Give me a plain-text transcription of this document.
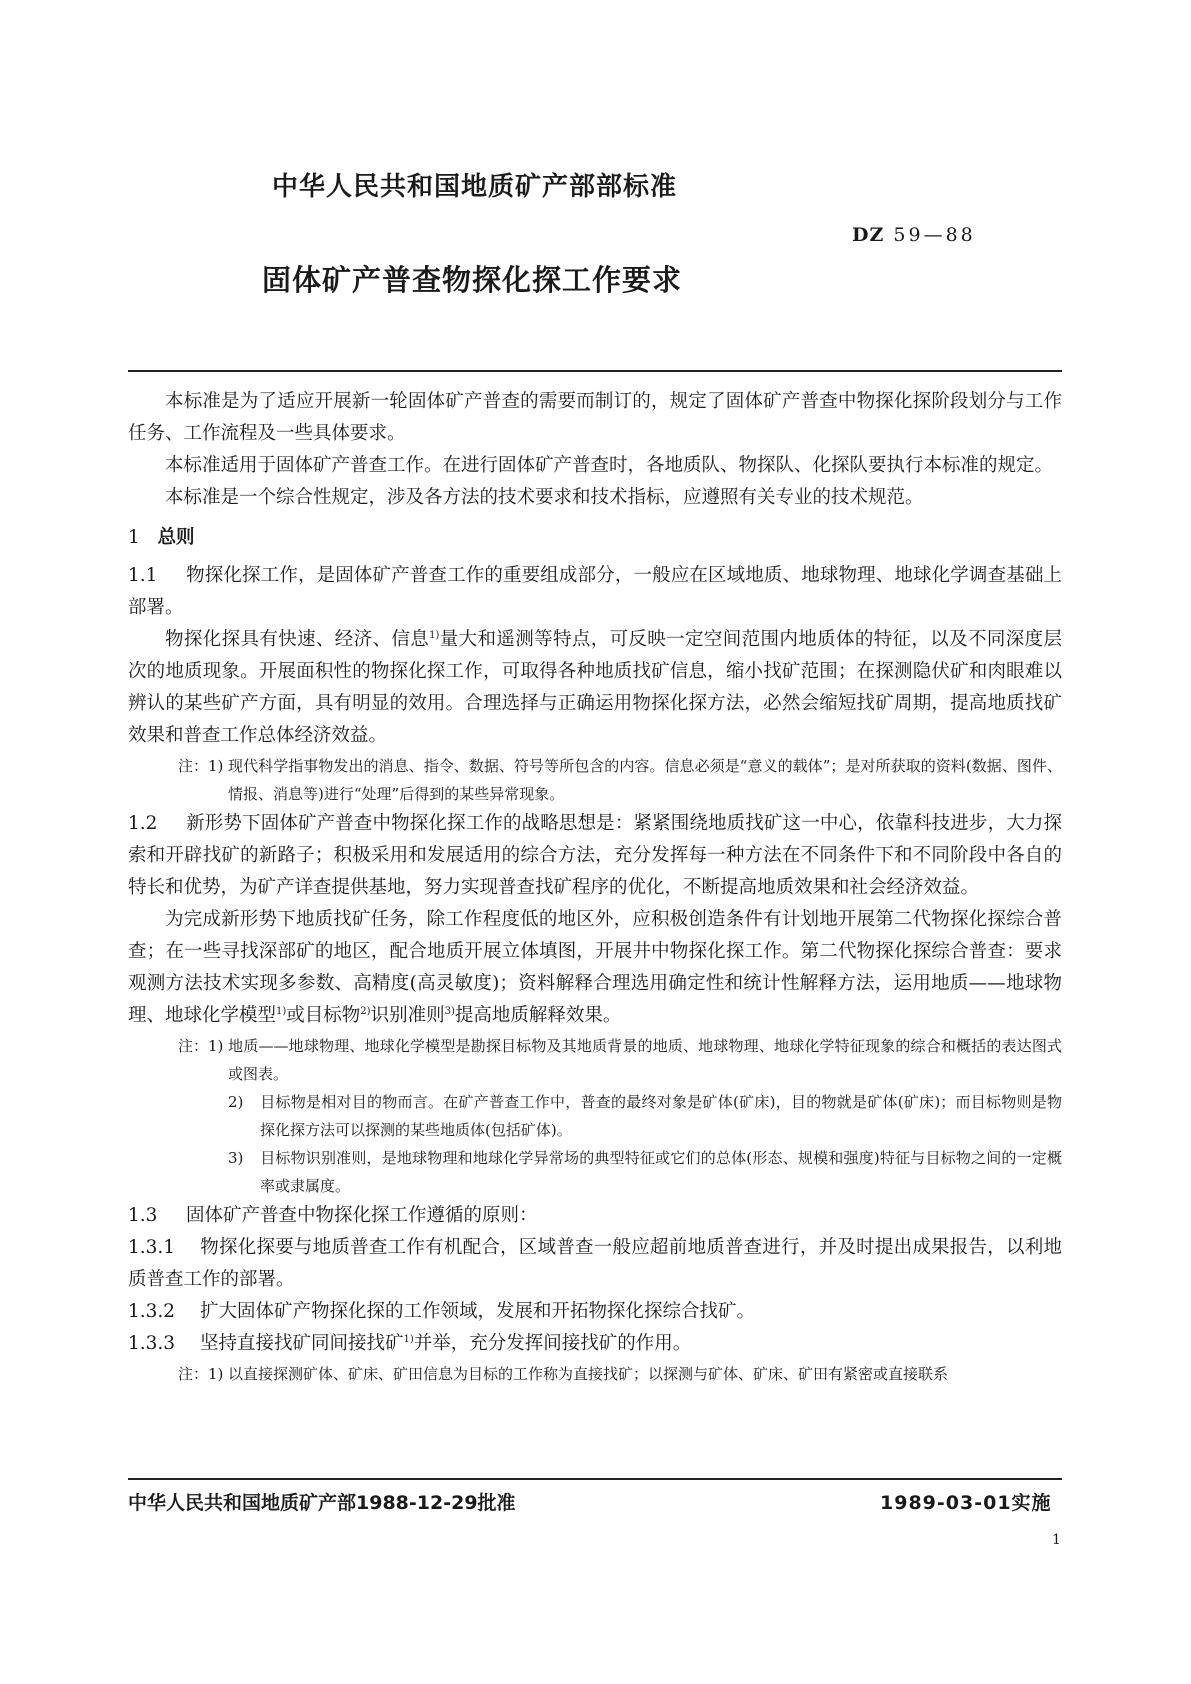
中华人民共和国地质矿产部部标准
DZ 59—88
固体矿产普查物探化探工作要求

本标准是为了适应开展新一轮固体矿产普查的需要而制订的，规定了固体矿产普查中物探化探阶段划分与工作任务、工作流程及一些具体要求。

本标准适用于固体矿产普查工作。在进行固体矿产普查时，各地质队、物探队、化探队要执行本标准的规定。

本标准是一个综合性规定，涉及各方法的技术要求和技术指标，应遵照有关专业的技术规范。

1 总则

1.1 物探化探工作，是固体矿产普查工作的重要组成部分，一般应在区域地质、地球物理、地球化学调查基础上部署。

物探化探具有快速、经济、信息$^{1)}$量大和遥测等特点，可反映一定空间范围内地质体的特征，以及不同深度层次的地质现象。开展面积性的物探化探工作，可取得各种地质找矿信息，缩小找矿范围；在探测隐伏矿和肉眼难以辨认的某些矿产方面，具有明显的效用。合理选择与正确运用物探化探方法，必然会缩短找矿周期，提高地质找矿效果和普查工作总体经济效益。

注：1) 现代科学指事物发出的消息、指令、数据、符号等所包含的内容。信息必须是“意义的载体”；是对所获取的资料(数据、图件、情报、消息等)进行“处理”后得到的某些异常现象。

1.2 新形势下固体矿产普查中物探化探工作的战略思想是：紧紧围绕地质找矿这一中心，依靠科技进步，大力探索和开辟找矿的新路子；积极采用和发展适用的综合方法，充分发挥每一种方法在不同条件下和不同阶段中各自的特长和优势，为矿产详查提供基地，努力实现普查找矿程序的优化，不断提高地质效果和社会经济效益。

为完成新形势下地质找矿任务，除工作程度低的地区外，应积极创造条件有计划地开展第二代物探化探综合普查；在一些寻找深部矿的地区，配合地质开展立体填图，开展井中物探化探工作。第二代物探化探综合普查：要求观测方法技术实现多参数、高精度(高灵敏度)；资料解释合理选用确定性和统计性解释方法，运用地质——地球物理、地球化学模型$^{1)}$或目标物$^{2)}$识别准则$^{3)}$提高地质解释效果。

注：1) 地质——地球物理、地球化学模型是勘探目标物及其地质背景的地质、地球物理、地球化学特征现象的综合和概括的表达图式或图表。

2) 目标物是相对目的物而言。在矿产普查工作中，普查的最终对象是矿体(矿床)，目的物就是矿体(矿床)；而目标物则是物探化探方法可以探测的某些地质体(包括矿体)。

3) 目标物识别准则，是地球物理和地球化学异常场的典型特征或它们的总体(形态、规模和强度)特征与目标物之间的一定概率或隶属度。

1.3 固体矿产普查中物探化探工作遵循的原则：

1.3.1 物探化探要与地质普查工作有机配合，区域普查一般应超前地质普查进行，并及时提出成果报告，以利地质普查工作的部署。

1.3.2 扩大固体矿产物探化探的工作领域，发展和开拓物探化探综合找矿。

1.3.3 坚持直接找矿同间接找矿$^{1)}$并举，充分发挥间接找矿的作用。

注：1) 以直接探测矿体、矿床、矿田信息为目标的工作称为直接找矿；以探测与矿体、矿床、矿田有紧密或直接联系

中华人民共和国地质矿产部1988-12-29批准	1989-03-01实施
1
